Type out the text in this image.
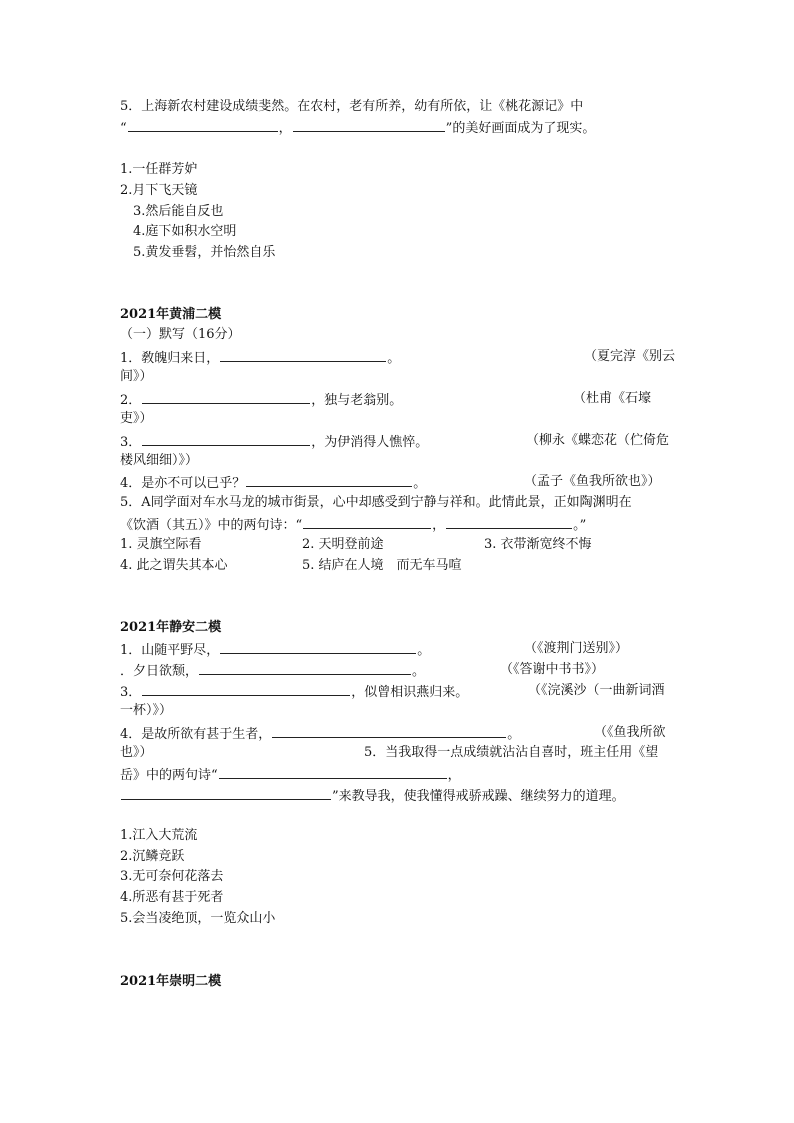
5．上海新农村建设成绩斐然。在农村，老有所养，幼有所依，让《桃花源记》中
“	，	”的美好画面成为了现实。
1.一任群芳妒
2.月下飞天镜
3.然后能自反也
4.庭下如积水空明
5.黄发垂髫，并怡然自乐
2021年黄浦二模
（一）默写（16分）
1．敎魄归来日，	。	（夏完淳《别云
间》）
2．	，独与老翁别。	（杜甫《石壕
吏》）
3．	，为伊消得人憔悴。	（柳永《蝶恋花（伫倚危
楼风细细）》）
4．是亦不可以已乎？	。	（孟子《鱼我所欲也》）
5．A同学面对车水马龙的城市街景，心中却感受到宁静与祥和。此情此景，正如陶渊明在
《饮酒（其五）》中的两句诗：“	，	。”
1. 灵旗空际看	2. 天明登前途	3. 衣带渐宽终不悔
4. 此之谓失其本心	5. 结庐在人境　而无车马喧
2021年静安二模
1．山随平野尽，	。	（《渡荆门送别》）
．夕日欲颓，	。	（《答谢中书书》）
3．	，似曾相识燕归来。	（《浣溪沙（一曲新词酒
一杯）》）
4．是故所欲有甚于生者，	。	（《鱼我所欲
也》）	5．当我取得一点成绩就沾沾自喜时，班主任用《望
岳》中的两句诗“	，
”来教导我，使我懂得戒骄戒躁、继续努力的道理。
1.江入大荒流
2.沉鳞竞跃
3.无可奈何花落去
4.所恶有甚于死者
5.会当凌绝顶，一览众山小
2021年崇明二模
